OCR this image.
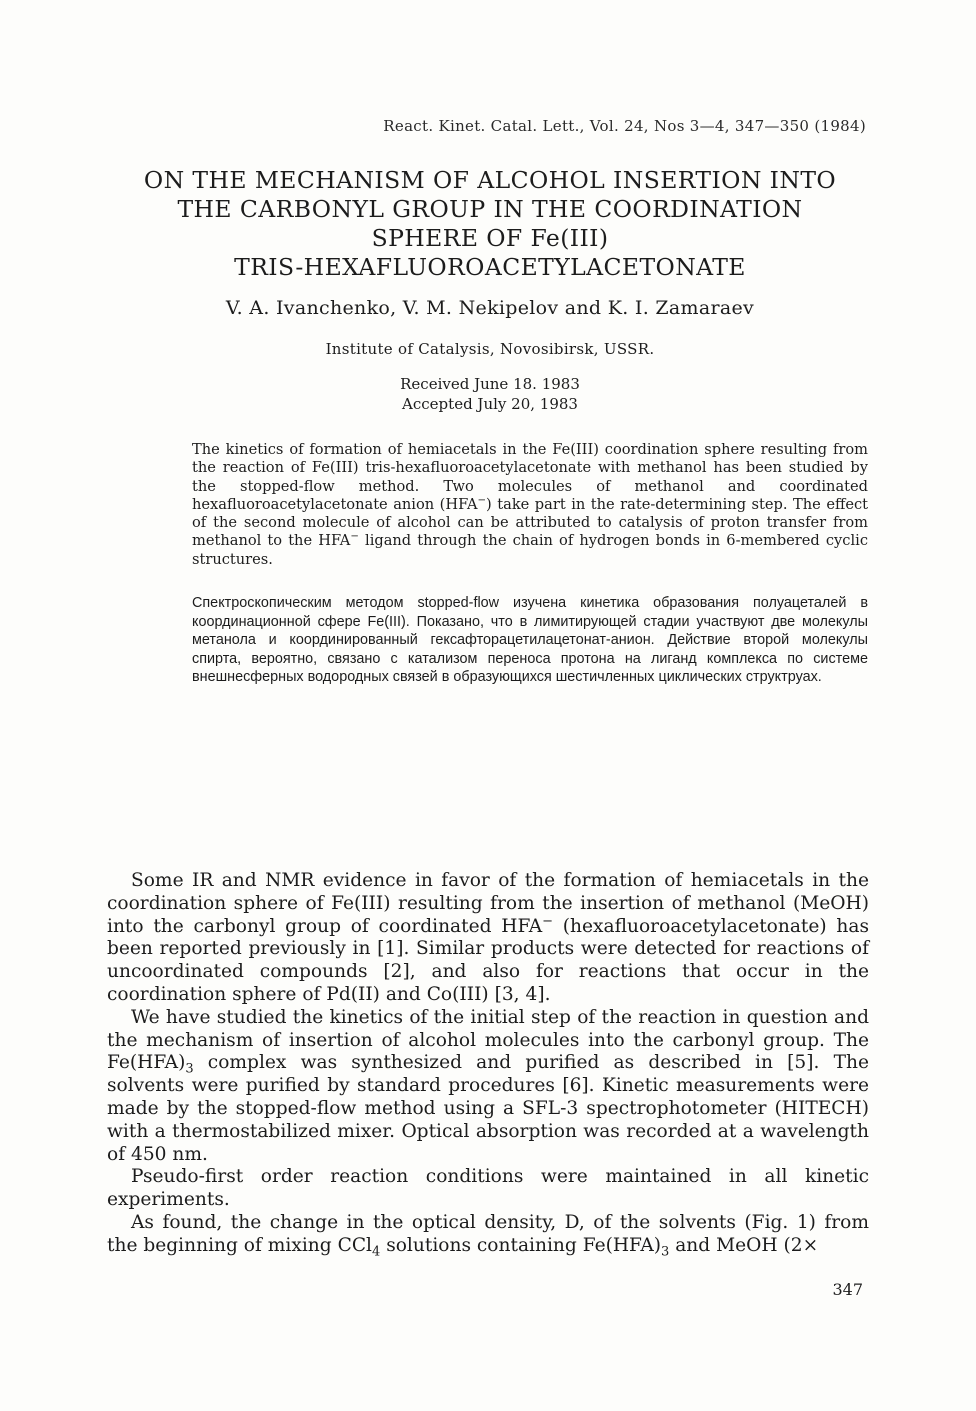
React. Kinet. Catal. Lett., Vol. 24, Nos 3—4, 347—350 (1984)
ON THE MECHANISM OF ALCOHOL INSERTION INTO
THE CARBONYL GROUP IN THE COORDINATION
SPHERE OF Fe(III)
TRIS-HEXAFLUOROACETYLACETONATE
V. A. Ivanchenko, V. M. Nekipelov and K. I. Zamaraev
Institute of Catalysis, Novosibirsk, USSR.
Received June 18. 1983
Accepted July 20, 1983

The kinetics of formation of hemiacetals in the Fe(III) coordination sphere resulting from the reaction of Fe(III) tris-hexafluoroacetylacetonate with methanol has been studied by the stopped-flow method. Two molecules of methanol and coordinated hexafluoroacetylacetonate anion (HFA−) take part in the rate-determining step. The effect of the second molecule of alcohol can be attributed to catalysis of proton transfer from methanol to the HFA− ligand through the chain of hydrogen bonds in 6-membered cyclic structures.

Спектроскопическим методом stopped-flow изучена кинетика образования полуацеталей в координационной сфере Fe(III). Показано, что в лимитирующей стадии участвуют две молекулы метанола и координированный гексафторацетилацетонат-анион. Действие второй молекулы спирта, вероятно, связано с катализом переноса протона на лиганд комплекса по системе внешнесферных водородных связей в образующихся шестичленных циклических структруах.

Some IR and NMR evidence in favor of the formation of hemiacetals in the coordination sphere of Fe(III) resulting from the insertion of methanol (MeOH) into the carbonyl group of coordinated HFA− (hexafluoroacetylacetonate) has been reported previously in [1]. Similar products were detected for reactions of uncoordinated compounds [2], and also for reactions that occur in the coordination sphere of Pd(II) and Co(III) [3, 4].

We have studied the kinetics of the initial step of the reaction in question and the mechanism of insertion of alcohol molecules into the carbonyl group. The $Fe(HFA)_3$ complex was synthesized and purified as described in [5]. The solvents were purified by standard procedures [6]. Kinetic measurements were made by the stopped-flow method using a SFL-3 spectrophotometer (HITECH) with a thermostabilized mixer. Optical absorption was recorded at a wavelength of 450 nm.

Pseudo-first order reaction conditions were maintained in all kinetic experiments.

As found, the change in the optical density, D, of the solvents (Fig. 1) from the beginning of mixing CCl$_4$ solutions containing $Fe(HFA)_3$ and MeOH (2×

347
